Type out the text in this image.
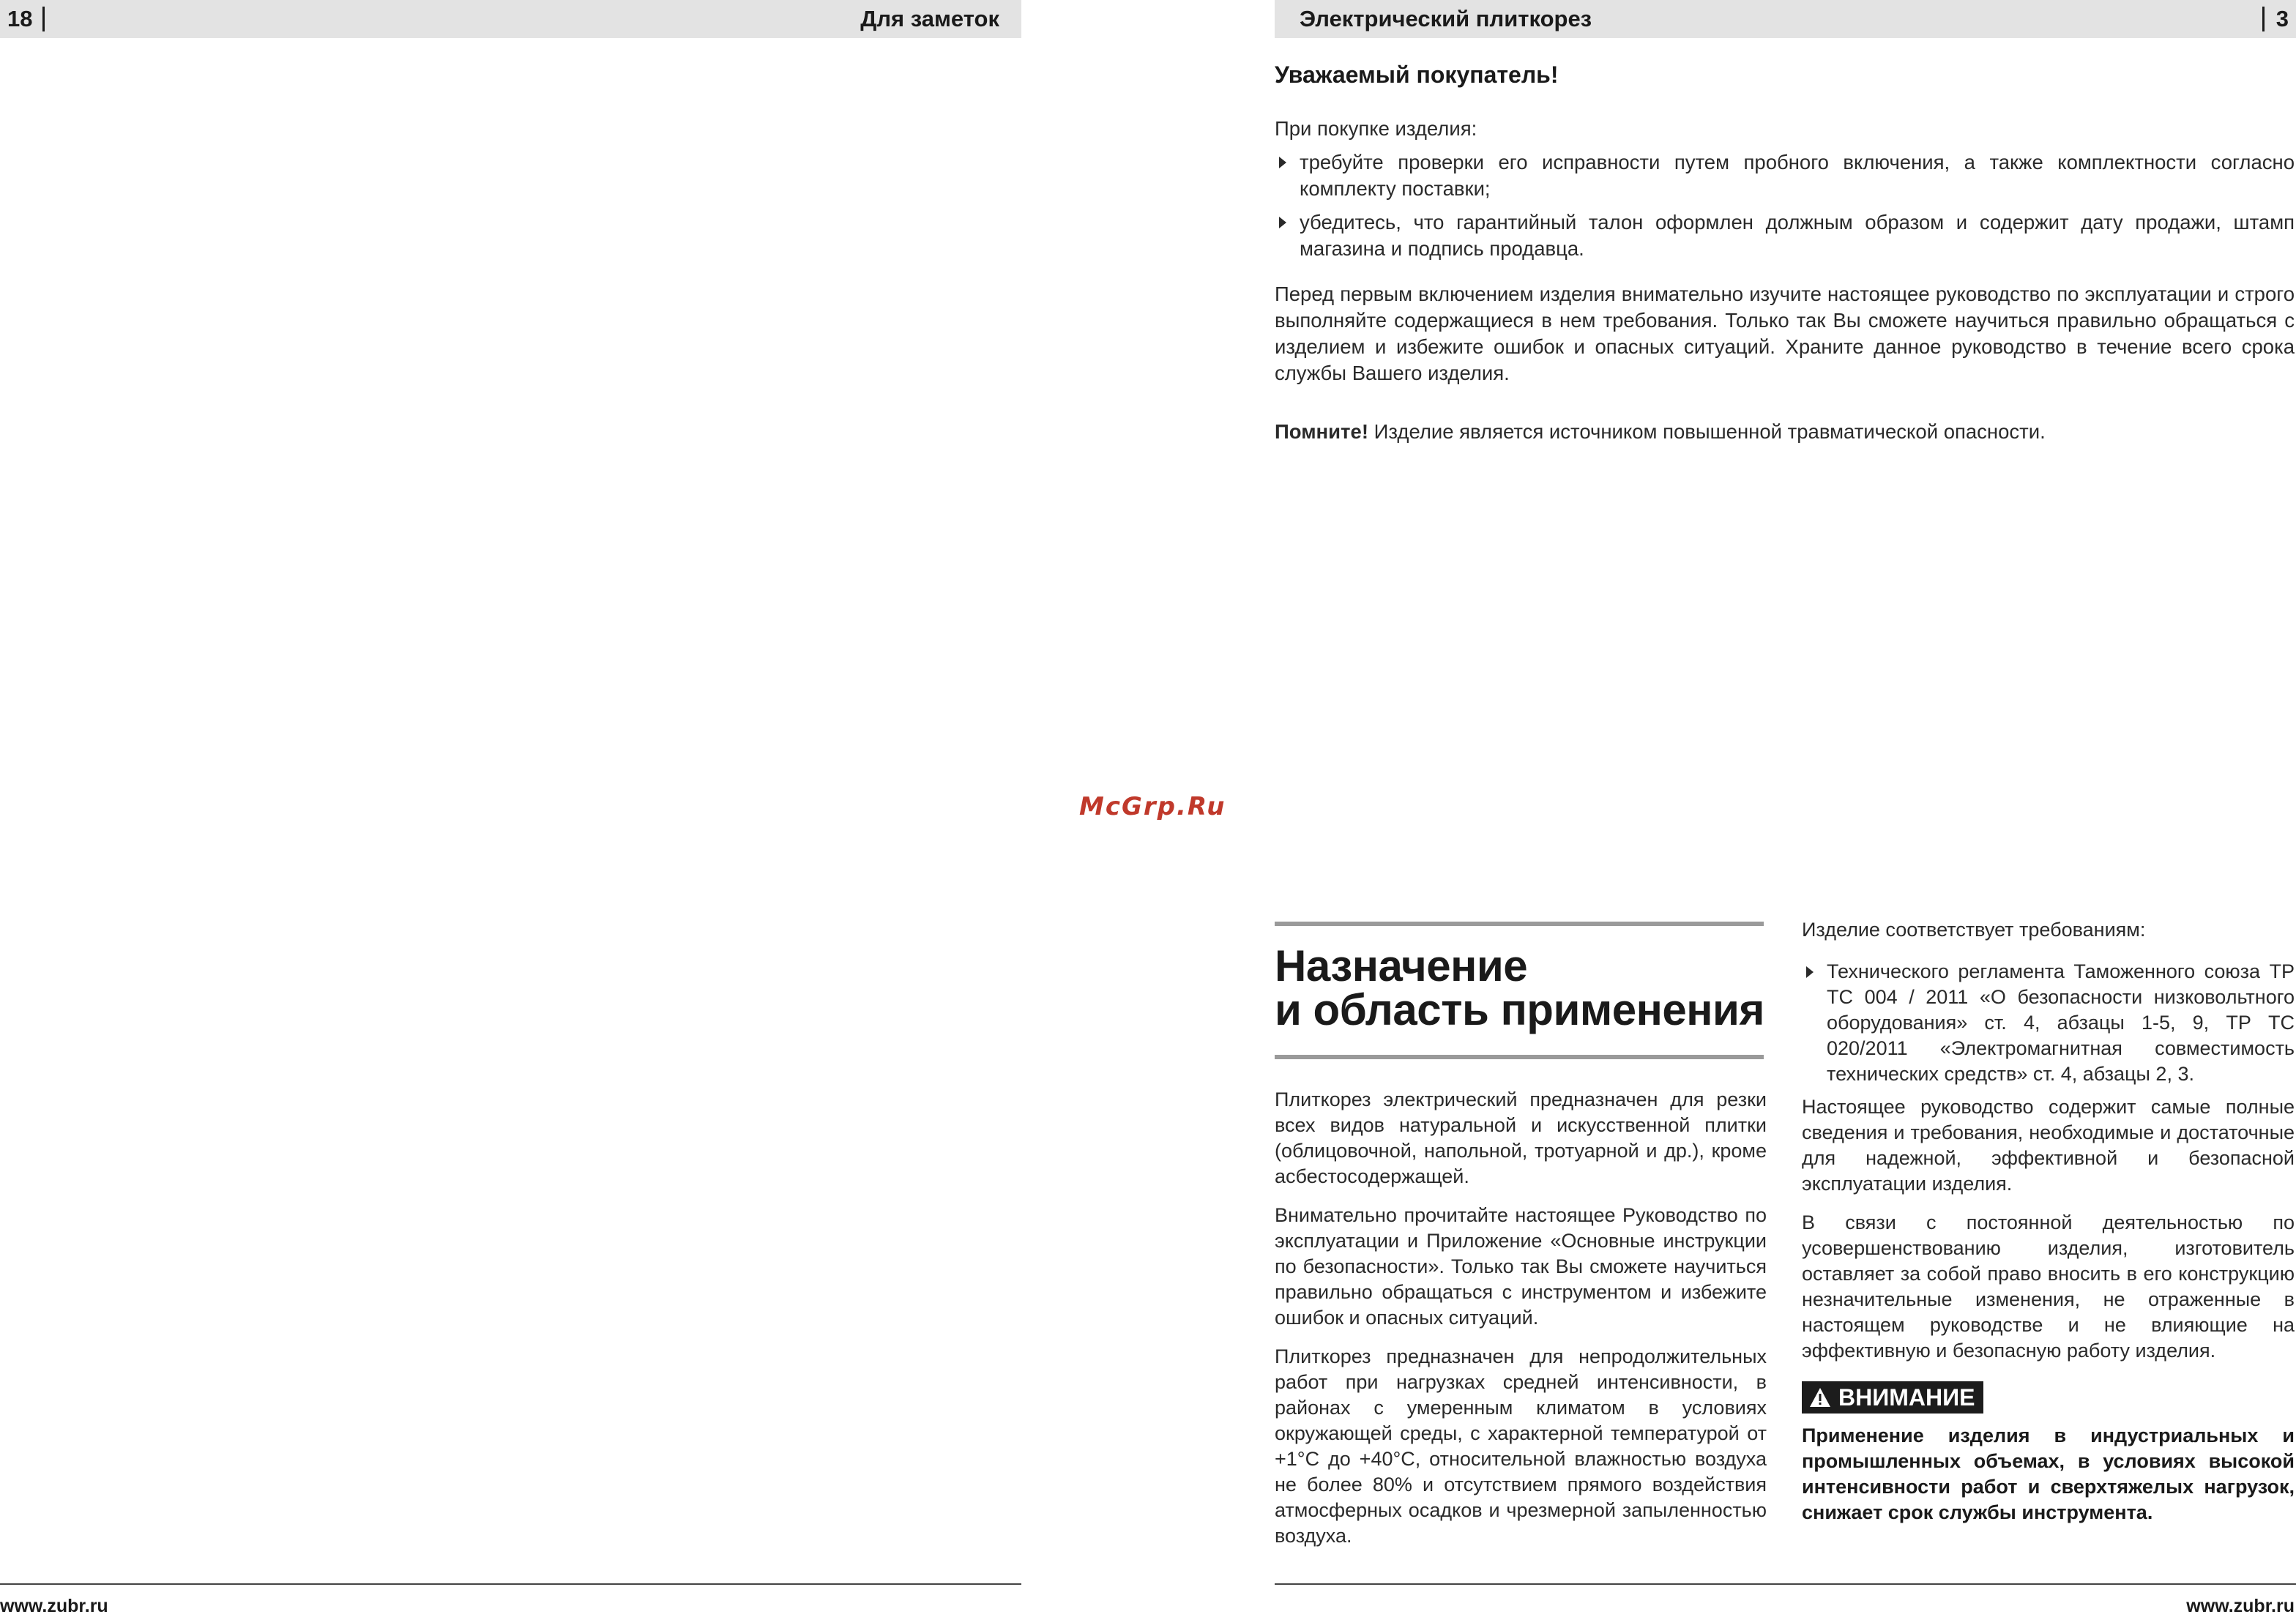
18	Для заметок
www.zubr.ru
McGrp.Ru
Электрический плиткорез	3

Уважаемый покупатель!

При покупке изделия:

требуйте проверки его исправности путем пробного включения, а также комплектности согласно комплекту поставки;

убедитесь, что гарантийный талон оформлен должным образом и содержит дату продажи, штамп магазина и подпись продавца.

Перед первым включением изделия внимательно изучите настоящее руководство по эксплуатации и строго выполняйте содержащиеся в нем требования. Только так Вы сможете научиться правильно обращаться с изделием и избежите ошибок и опасных ситуаций. Храните данное руководство в течение всего срока службы Вашего изделия.

Помните! Изделие является источником повышенной травматической опасности.

Назначение
и область применения

Плиткорез электрический предназначен для резки всех видов натуральной и искусственной плитки (облицовочной, напольной, тротуарной и др.), кроме асбестосодержащей.

Внимательно прочитайте настоящее Руководство по эксплуатации и Приложение «Основные инструкции по безопасности». Только так Вы сможете научиться правильно обращаться с инструментом и избежите ошибок и опасных ситуаций.

Плиткорез предназначен для непродолжительных работ при нагрузках средней интенсивности, в районах с умеренным климатом в условиях окружающей среды, с характерной температурой от +1°С до +40°С, относительной влажностью воздуха не более 80% и отсутствием прямого воздействия атмосферных осадков и чрезмерной запыленностью воздуха.

Изделие соответствует требованиям:

Технического регламента Таможенного союза ТР ТС 004 / 2011 «О безопасности низковольтного оборудования» ст. 4, абзацы 1-5, 9, ТР ТС 020/2011 «Электромагнитная совместимость технических средств» ст. 4, абзацы 2, 3.

Настоящее руководство содержит самые полные сведения и требования, необходимые и достаточные для надежной, эффективной и безопасной эксплуатации изделия.

В связи с постоянной деятельностью по усовершенствованию изделия, изготовитель оставляет за собой право вносить в его конструкцию незначительные изменения, не отраженные в настоящем руководстве и не влияющие на эффективную и безопасную работу изделия.

ВНИМАНИЕ

Применение изделия в индустриальных и промышленных объемах, в условиях высокой интенсивности работ и сверхтяжелых нагрузок, снижает срок службы инструмента.

www.zubr.ru
